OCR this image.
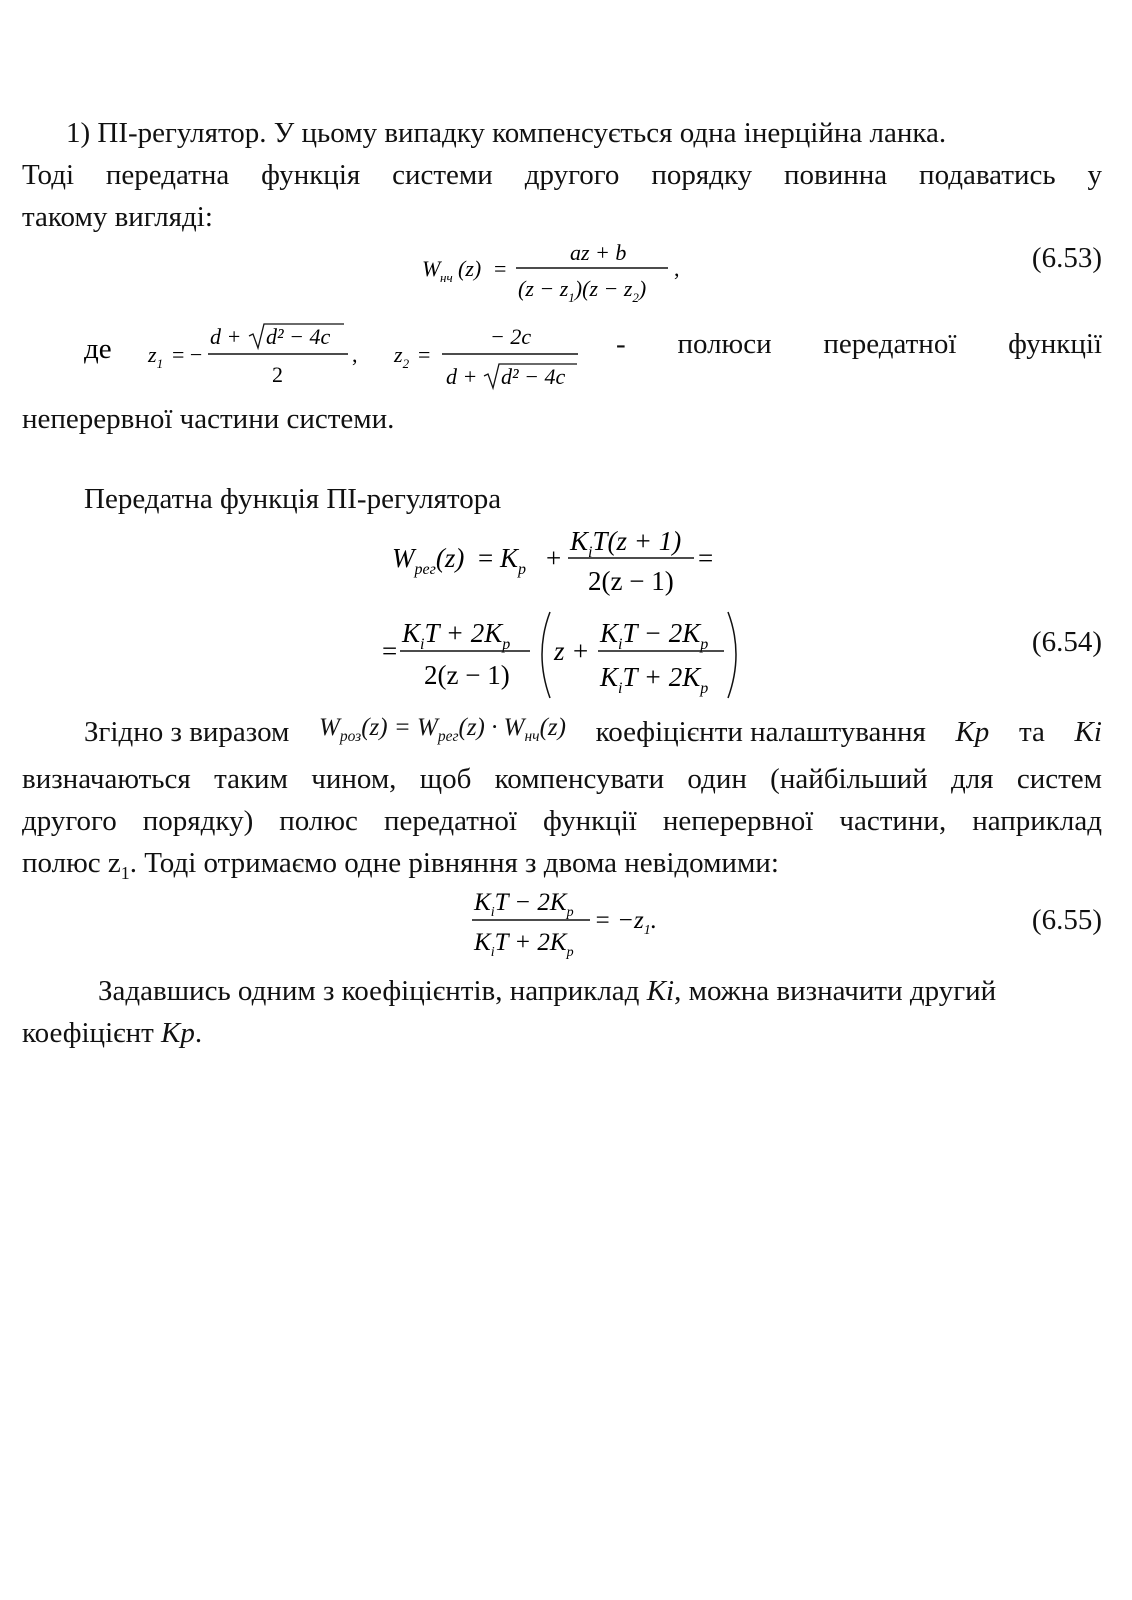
1) ПІ-регулятор. У цьому випадку компенсується одна інерційна ланка.
Тоді передатна функція системи другого порядку повинна подаватись у
такому вигляді:
W нч (z) =
az + b
$(z - z_1)(z - z_2)$
,	(6.53)
де $z_1$ = −
d + d² − 4c
2
, $z_2$ =
− 2c
d + d² − 4c
- полюси передатної функції
неперервної частини системи.
Передатна функція ПІ-регулятора
$W_{рег}(z) = K_p$ +
$K_iT(z + 1)$
2(z − 1)
=
=
$K_iT + 2K_p$
2(z − 1)
z +
$K_iT - 2K_p$
$K_iT + 2K_p$
(6.54)
Згідно з виразом $W_{роз}(z) = W_{рег}(z) \cdot W_{нч}(z)$ коефіцієнти налаштування Kp та Ki
визначаються таким чином, щоб компенсувати один (найбільший для систем
другого порядку) полюс передатної функції неперервної частини, наприклад
полюс $z_1$. Тоді отримаємо одне рівняння з двома невідомими:
$K_iT - 2K_p$
$K_iT + 2K_p$
= $-z_1$.	(6.55)
Задавшись одним з коефіцієнтів, наприклад Ki, можна визначити другий
коефіцієнт Kp.
